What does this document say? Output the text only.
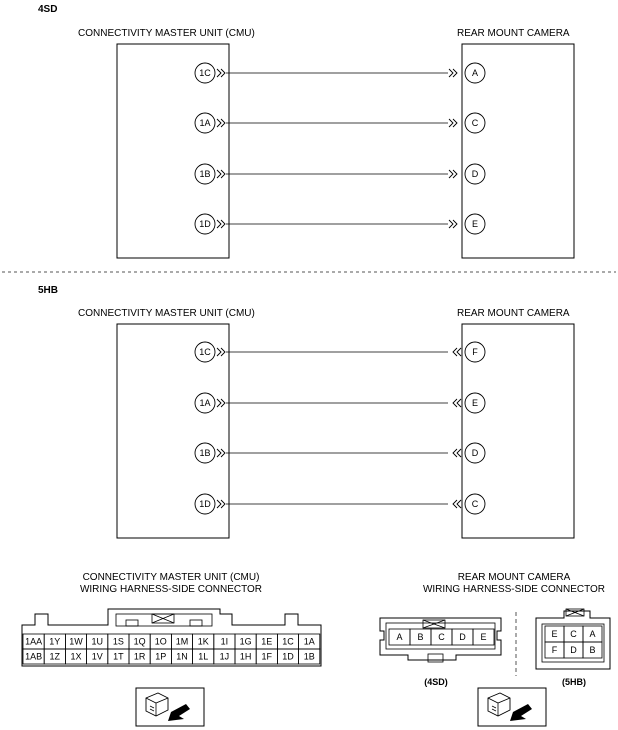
4SD
CONNECTIVITY MASTER UNIT (CMU)	REAR MOUNT CAMERA
1C	A
1A	C
1B	D
1D	E
5HB
CONNECTIVITY MASTER UNIT (CMU)	REAR MOUNT CAMERA
1C	F
1A	E
1B	D
1D	C
CONNECTIVITY MASTER UNIT (CMU)
WIRING HARNESS-SIDE CONNECTOR
1AA 1Y 1W 1U 1S 1Q 1O 1M 1K 1I 1G 1E 1C 1A
1AB 1Z 1X 1V 1T 1R 1P 1N 1L 1J 1H 1F 1D 1B
REAR MOUNT CAMERA
WIRING HARNESS-SIDE CONNECTOR
A B C D E
(4SD)
E C A
F D B
(5HB)
